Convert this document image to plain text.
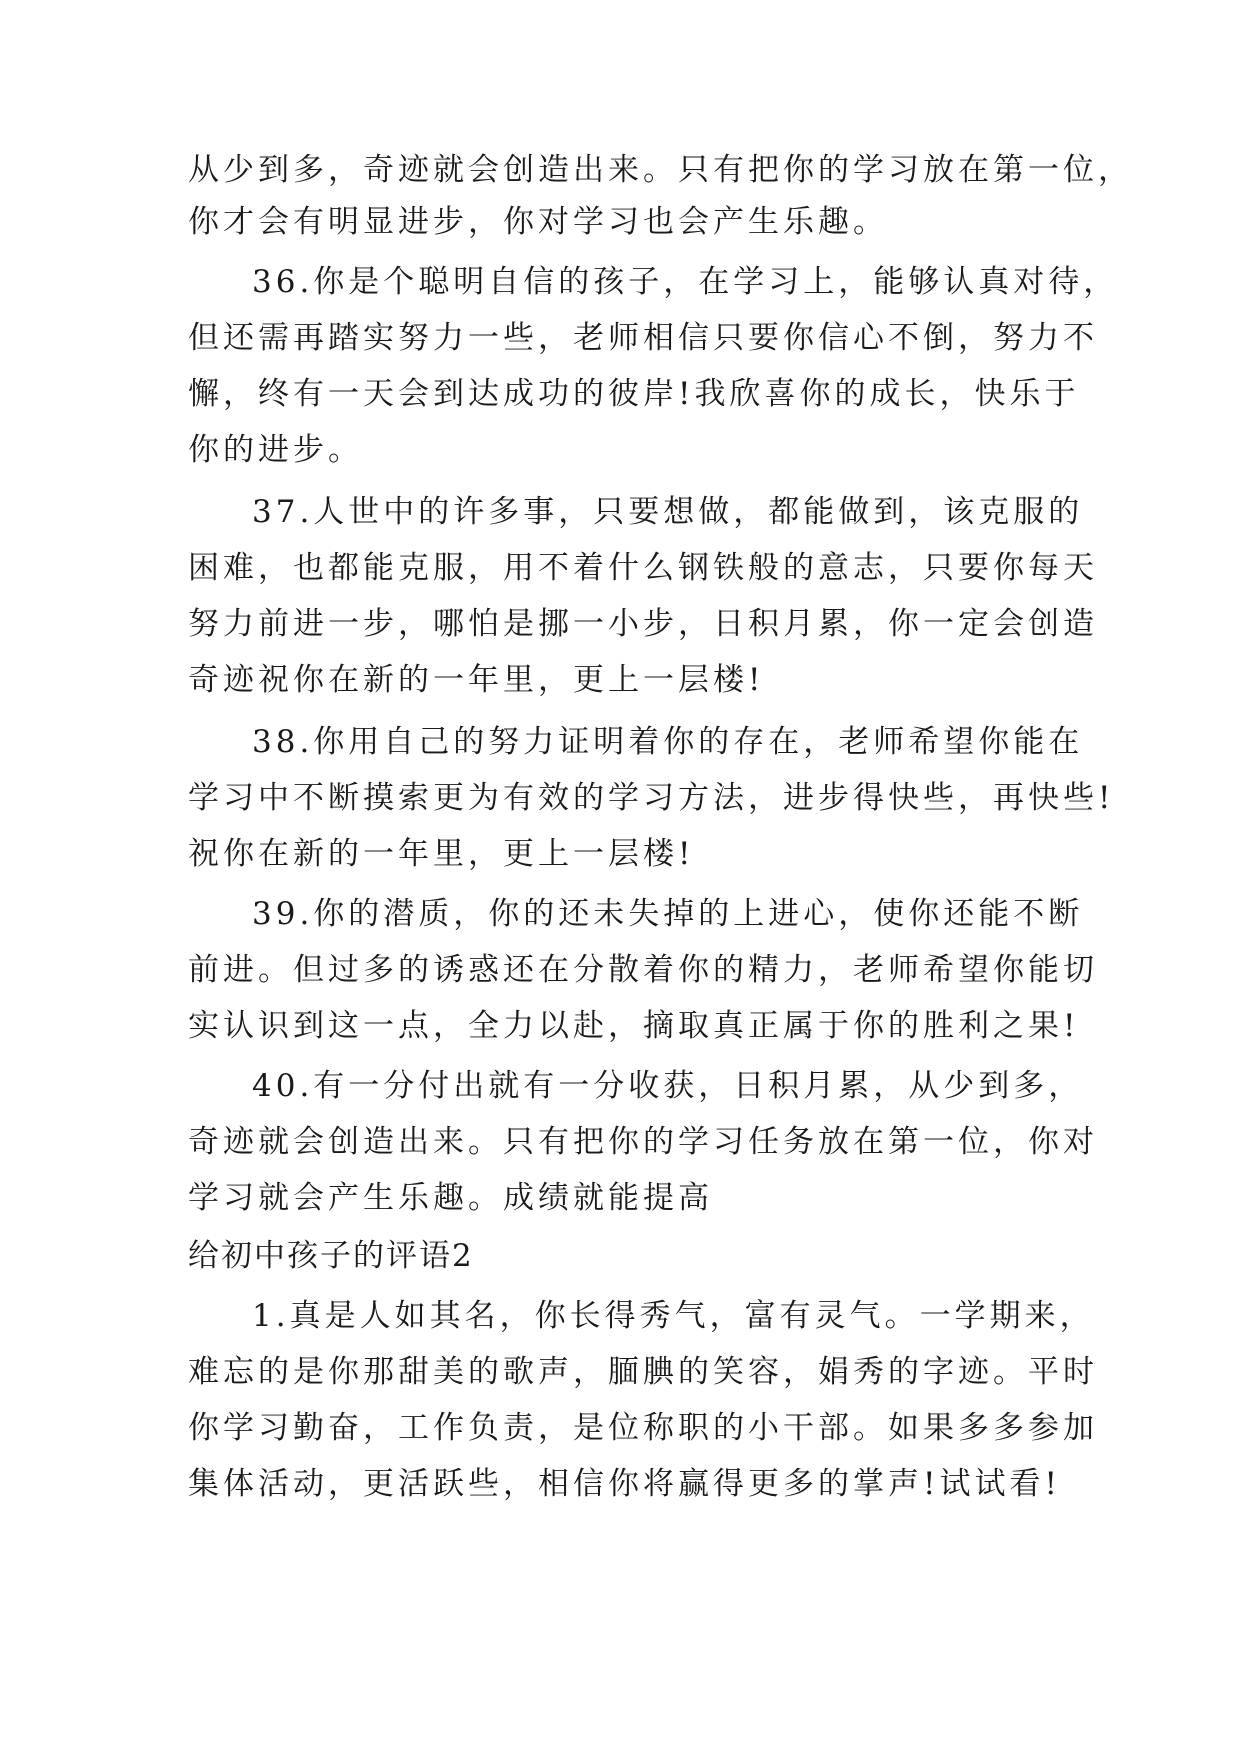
从少到多，奇迹就会创造出来。只有把你的学习放在第一位，
你才会有明显进步，你对学习也会产生乐趣。
36.你是个聪明自信的孩子，在学习上，能够认真对待，
但还需再踏实努力一些，老师相信只要你信心不倒，努力不
懈，终有一天会到达成功的彼岸!我欣喜你的成长，快乐于
你的进步。
37.人世中的许多事，只要想做，都能做到，该克服的
困难，也都能克服，用不着什么钢铁般的意志，只要你每天
努力前进一步，哪怕是挪一小步，日积月累，你一定会创造
奇迹祝你在新的一年里，更上一层楼!
38.你用自己的努力证明着你的存在，老师希望你能在
学习中不断摸索更为有效的学习方法，进步得快些，再快些!
祝你在新的一年里，更上一层楼!
39.你的潜质，你的还未失掉的上进心，使你还能不断
前进。但过多的诱惑还在分散着你的精力，老师希望你能切
实认识到这一点，全力以赴，摘取真正属于你的胜利之果!
40.有一分付出就有一分收获，日积月累，从少到多，
奇迹就会创造出来。只有把你的学习任务放在第一位，你对
学习就会产生乐趣。成绩就能提高
给初中孩子的评语2
1.真是人如其名，你长得秀气，富有灵气。一学期来，
难忘的是你那甜美的歌声，腼腆的笑容，娟秀的字迹。平时
你学习勤奋，工作负责，是位称职的小干部。如果多多参加
集体活动，更活跃些，相信你将赢得更多的掌声!试试看!
